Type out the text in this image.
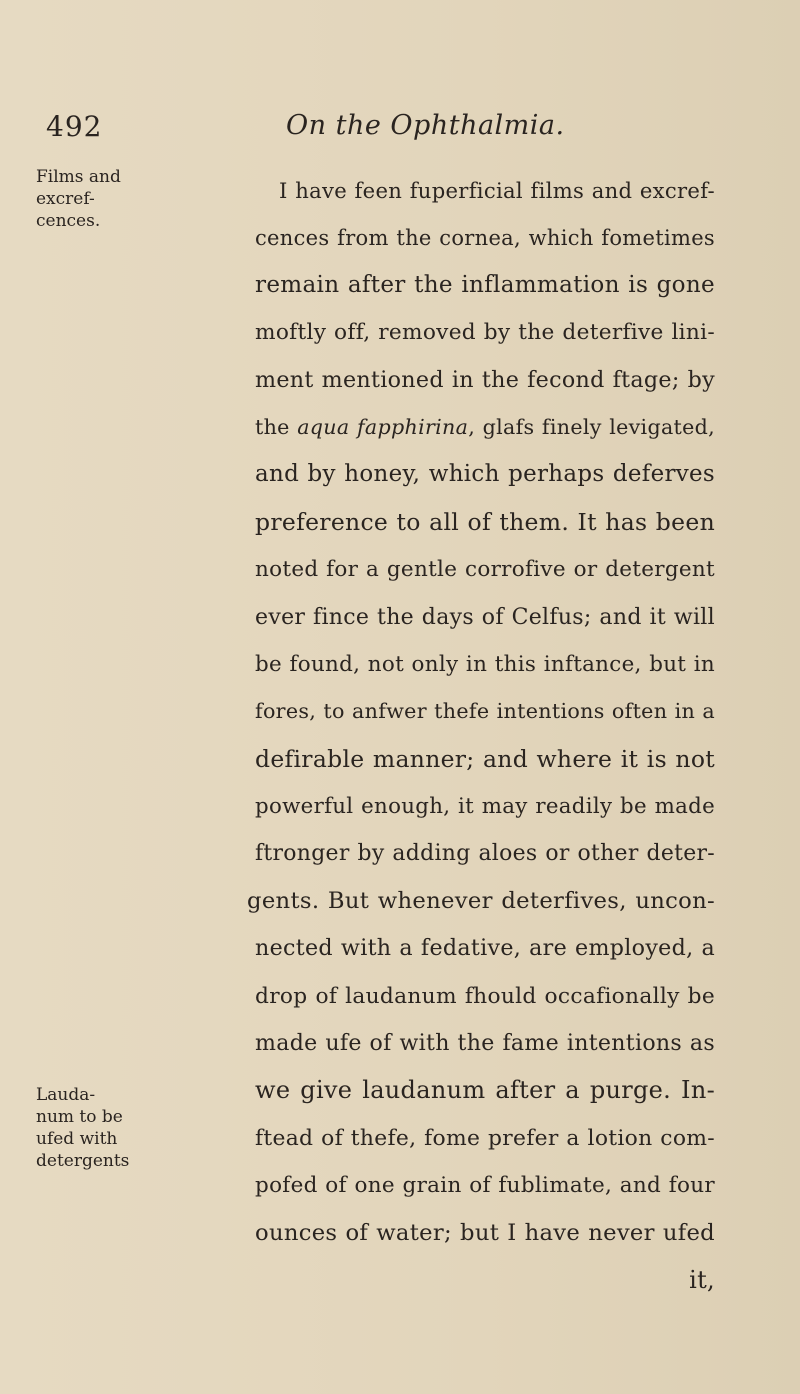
492	On the Ophthalmia.
Films and
excref-
cences.
Lauda-
num to be
ufed with
detergents
I have feen fuperficial films and excref-
cences from the cornea, which fometimes
remain after the inflammation is gone
moftly off, removed by the deterfive lini-
ment mentioned in the fecond ftage; by
the aqua fapphirina, glafs finely levigated,
and by honey, which perhaps deferves
preference to all of them. It has been
noted for a gentle corrofive or detergent
ever fince the days of Celfus; and it will
be found, not only in this inftance, but in
fores, to anfwer thefe intentions often in a
defirable manner; and where it is not
powerful enough, it may readily be made
ftronger by adding aloes or other deter-
gents. But whenever deterfives, uncon-
nected with a fedative, are employed, a
drop of laudanum fhould occafionally be
made ufe of with the fame intentions as
we give laudanum after a purge. In-
ftead of thefe, fome prefer a lotion com-
pofed of one grain of fublimate, and four
ounces of water; but I have never ufed
it,
